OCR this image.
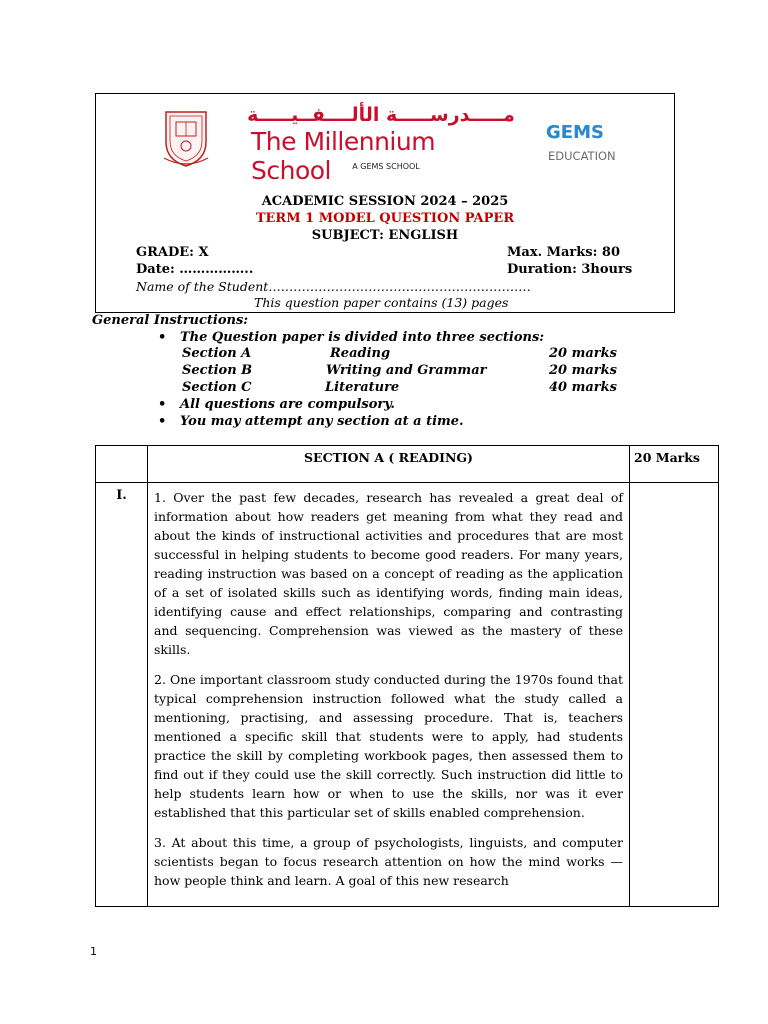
مـــــدرســـــة الألــــفــيـــــة
The Millennium School	A GEMS SCHOOL
GEMS
EDUCATION
ACADEMIC SESSION 2024 – 2025
TERM 1 MODEL QUESTION PAPER
SUBJECT: ENGLISH
GRADE: X	Max. Marks: 80
Date: ……………..	Duration: 3hours
Name of the Student………………………………………………………
This question paper contains (13) pages
General Instructions:
• The Question paper is divided into three sections:
Section A	Reading	20 marks
Section B	Writing and Grammar	20 marks
Section C	Literature	40 marks
• All questions are compulsory.
• You may attempt any section at a time.
	SECTION A ( READING)	20 Marks
I.	1. Over the past few decades, research has revealed a great deal of information about how readers get meaning from what they read and about the kinds of instructional activities and procedures that are most successful in helping students to become good readers. For many years, reading instruction was based on a concept of reading as the application of a set of isolated skills such as identifying words, finding main ideas, identifying cause and effect relationships, comparing and contrasting and sequencing. Comprehension was viewed as the mastery of these skills.

2. One important classroom study conducted during the 1970s found that typical comprehension instruction followed what the study called a mentioning, practising, and assessing procedure. That is, teachers mentioned a specific skill that students were to apply, had students practice the skill by completing workbook pages, then assessed them to find out if they could use the skill correctly. Such instruction did little to help students learn how or when to use the skills, nor was it ever established that this particular set of skills enabled comprehension.

3. At about this time, a group of psychologists, linguists, and computer scientists began to focus research attention on how the mind works — how people think and learn. A goal of this new research	

1
